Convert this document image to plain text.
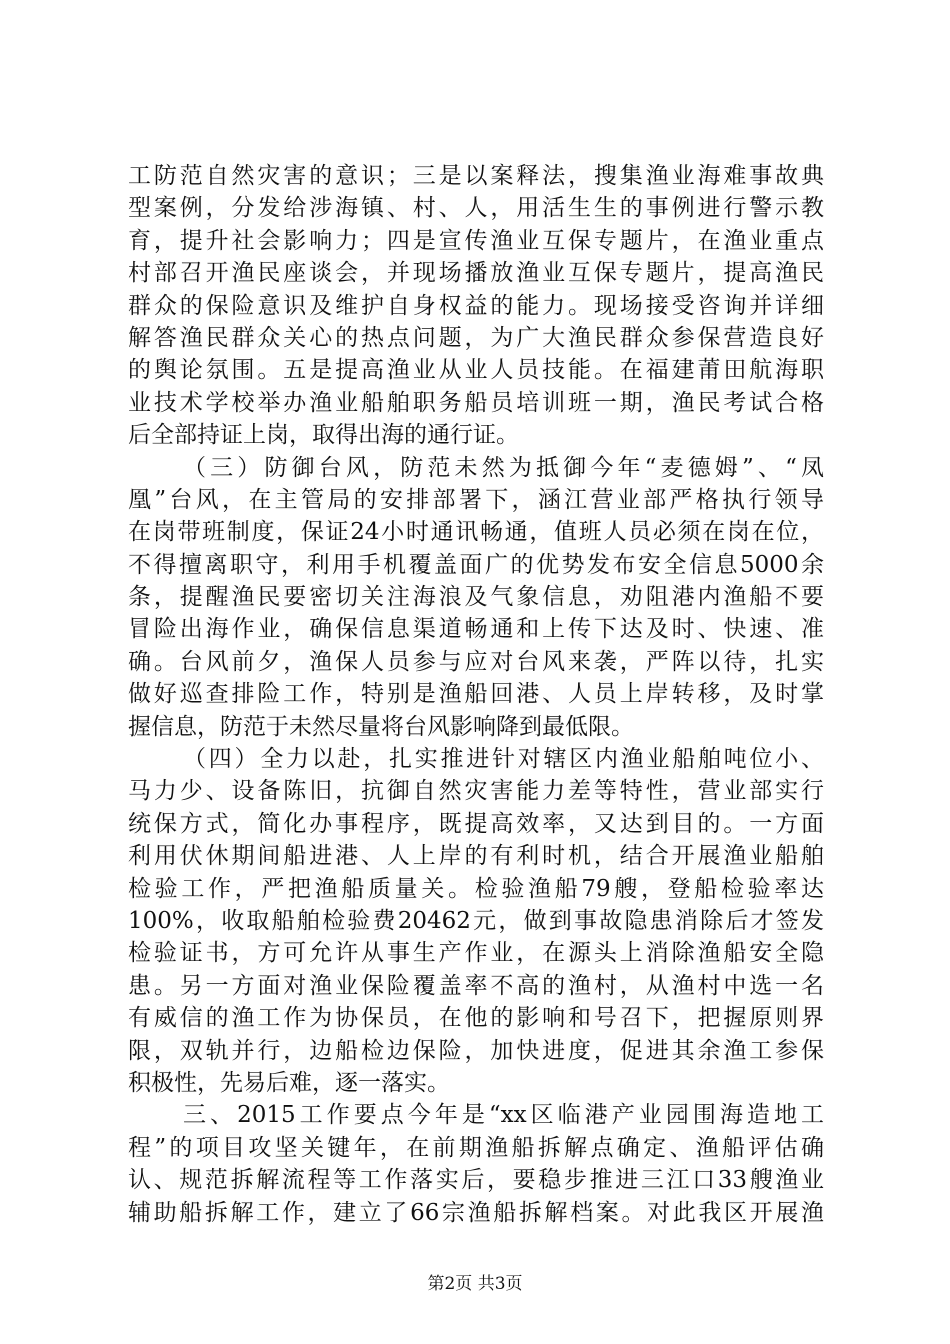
工防范自然灾害的意识；三是以案释法，搜集渔业海难事故典
型案例，分发给涉海镇、村、人，用活生生的事例进行警示教
育，提升社会影响力；四是宣传渔业互保专题片，在渔业重点
村部召开渔民座谈会，并现场播放渔业互保专题片，提高渔民
群众的保险意识及维护自身权益的能力。现场接受咨询并详细
解答渔民群众关心的热点问题，为广大渔民群众参保营造良好
的舆论氛围。五是提高渔业从业人员技能。在福建莆田航海职
业技术学校举办渔业船舶职务船员培训班一期，渔民考试合格
后全部持证上岗，取得出海的通行证。
（三）防御台风，防范未然为抵御今年“麦德姆”、“凤
凰”台风，在主管局的安排部署下，涵江营业部严格执行领导
在岗带班制度，保证24小时通讯畅通，值班人员必须在岗在位，
不得擅离职守，利用手机覆盖面广的优势发布安全信息5000余
条，提醒渔民要密切关注海浪及气象信息，劝阻港内渔船不要
冒险出海作业，确保信息渠道畅通和上传下达及时、快速、准
确。台风前夕，渔保人员参与应对台风来袭，严阵以待，扎实
做好巡查排险工作，特别是渔船回港、人员上岸转移，及时掌
握信息，防范于未然尽量将台风影响降到最低限。
（四）全力以赴，扎实推进针对辖区内渔业船舶吨位小、
马力少、设备陈旧，抗御自然灾害能力差等特性，营业部实行
统保方式，简化办事程序，既提高效率，又达到目的。一方面
利用伏休期间船进港、人上岸的有利时机，结合开展渔业船舶
检验工作，严把渔船质量关。检验渔船79艘，登船检验率达
100%，收取船舶检验费20462元，做到事故隐患消除后才签发
检验证书，方可允许从事生产作业，在源头上消除渔船安全隐
患。另一方面对渔业保险覆盖率不高的渔村，从渔村中选一名
有威信的渔工作为协保员，在他的影响和号召下，把握原则界
限，双轨并行，边船检边保险，加快进度，促进其余渔工参保
积极性，先易后难，逐一落实。
三、2015工作要点今年是“xx区临港产业园围海造地工
程”的项目攻坚关键年，在前期渔船拆解点确定、渔船评估确
认、规范拆解流程等工作落实后，要稳步推进三江口33艘渔业
辅助船拆解工作，建立了66宗渔船拆解档案。对此我区开展渔
第2页 共3页
